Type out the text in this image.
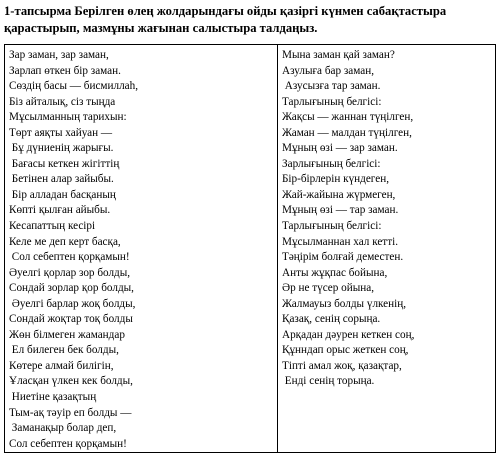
1-тапсырма Берілген өлең жолдарындағы ойды қазіргі күнмен сабақтастыра
қарастырып, мазмұны жағынан салыстыра талдаңыз.
Зар заман, зар заман,
Зарлап өткен бір заман.
Сөздің басы — бисмиллаһ,
Біз айталық, сіз тыңда
Мұсылманның тарихын:
Төрт аяқты хайуан —
Бұ дүниенің жарығы.
Бағасы кеткен жігіттің
Бетінен алар зайыбы.
Бір алладан басқаның
Көпті қылған айыбы.
Кесапаттың кесірі
Келе ме деп керт басқа,
Сол себептен қорқамын!
Әуелгі қорлар зор болды,
Сондай зорлар қор болды,
Әуелгі барлар жоқ болды,
Сондай жоқтар тоқ болды
Жөн білмеген жамандар
Ел билеген бек болды,
Көтере алмай билігін,
Ұласқан үлкен кек болды,
Ниетіне қазақтың
Тым-ақ тәуір еп болды —
Заманақыр болар деп,
Сол себептен қорқамын!

Мына заман қай заман?
Азулыға бар заман,
Азусызға тар заман.
Тарлығының белгісі:
Жақсы — жаннан түңілген,
Жаман — малдан түңілген,
Мұның өзі — зар заман.
Зарлығының белгісі:
Бір-бірлерін күндеген,
Жай-жайына жүрмеген,
Мұның өзі — тар заман.
Тарлығының белгісі:
Мұсылманнан хал кетті.
Тәңірім болғай деместен.
Анты жұқпас бойына,
Әр не түсер ойына,
Жалмауыз болды үлкенің,
Қазақ, сенің сорыңа.
Арқадан дәурен кеткен соң,
Құнндап орыс жеткен соң,
Тіпті амал жоқ, қазақтар,
Енді сенің торыңа.
